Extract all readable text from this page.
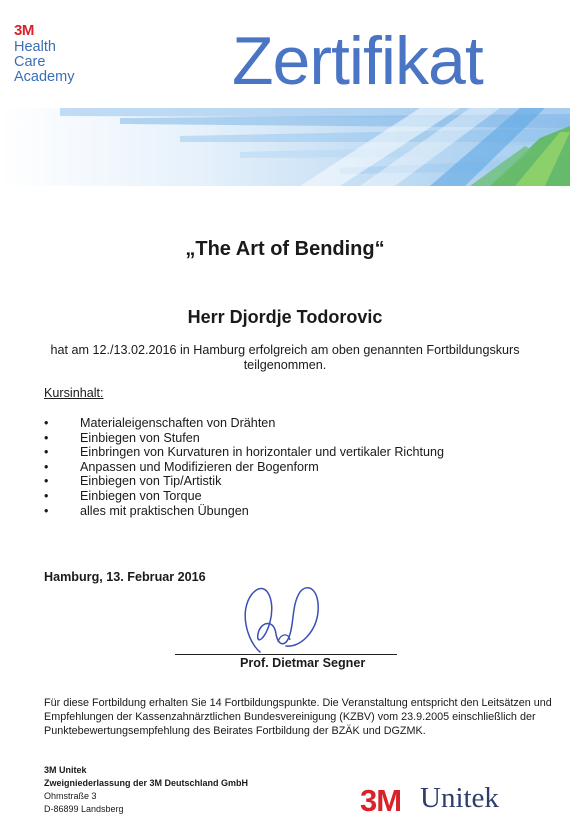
3M
Health
Care
Academy Zertifikat
„The Art of Bending“
Herr Djordje Todorovic
hat am 12./13.02.2016 in Hamburg erfolgreich am oben genannten Fortbildungskurs
teilgenommen.
Kursinhalt:
•	Materialeigenschaften von Drähten
•	Einbiegen von Stufen
•	Einbringen von Kurvaturen in horizontaler und vertikaler Richtung
•	Anpassen und Modifizieren der Bogenform
•	Einbiegen von Tip/Artistik
•	Einbiegen von Torque
•	alles mit praktischen Übungen
Hamburg, 13. Februar 2016
Prof. Dietmar Segner
Für diese Fortbildung erhalten Sie 14 Fortbildungspunkte. Die Veranstaltung entspricht den Leitsätzen und
Empfehlungen der Kassenzahnärztlichen Bundesvereinigung (KZBV) vom 23.9.2005 einschließlich der
Punktebewertungsempfehlung des Beirates Fortbildung der BZÄK und DGZMK.
3M Unitek
Zweigniederlassung der 3M Deutschland GmbH
Ohmstraße 3
D-86899 Landsberg	3M Unitek
